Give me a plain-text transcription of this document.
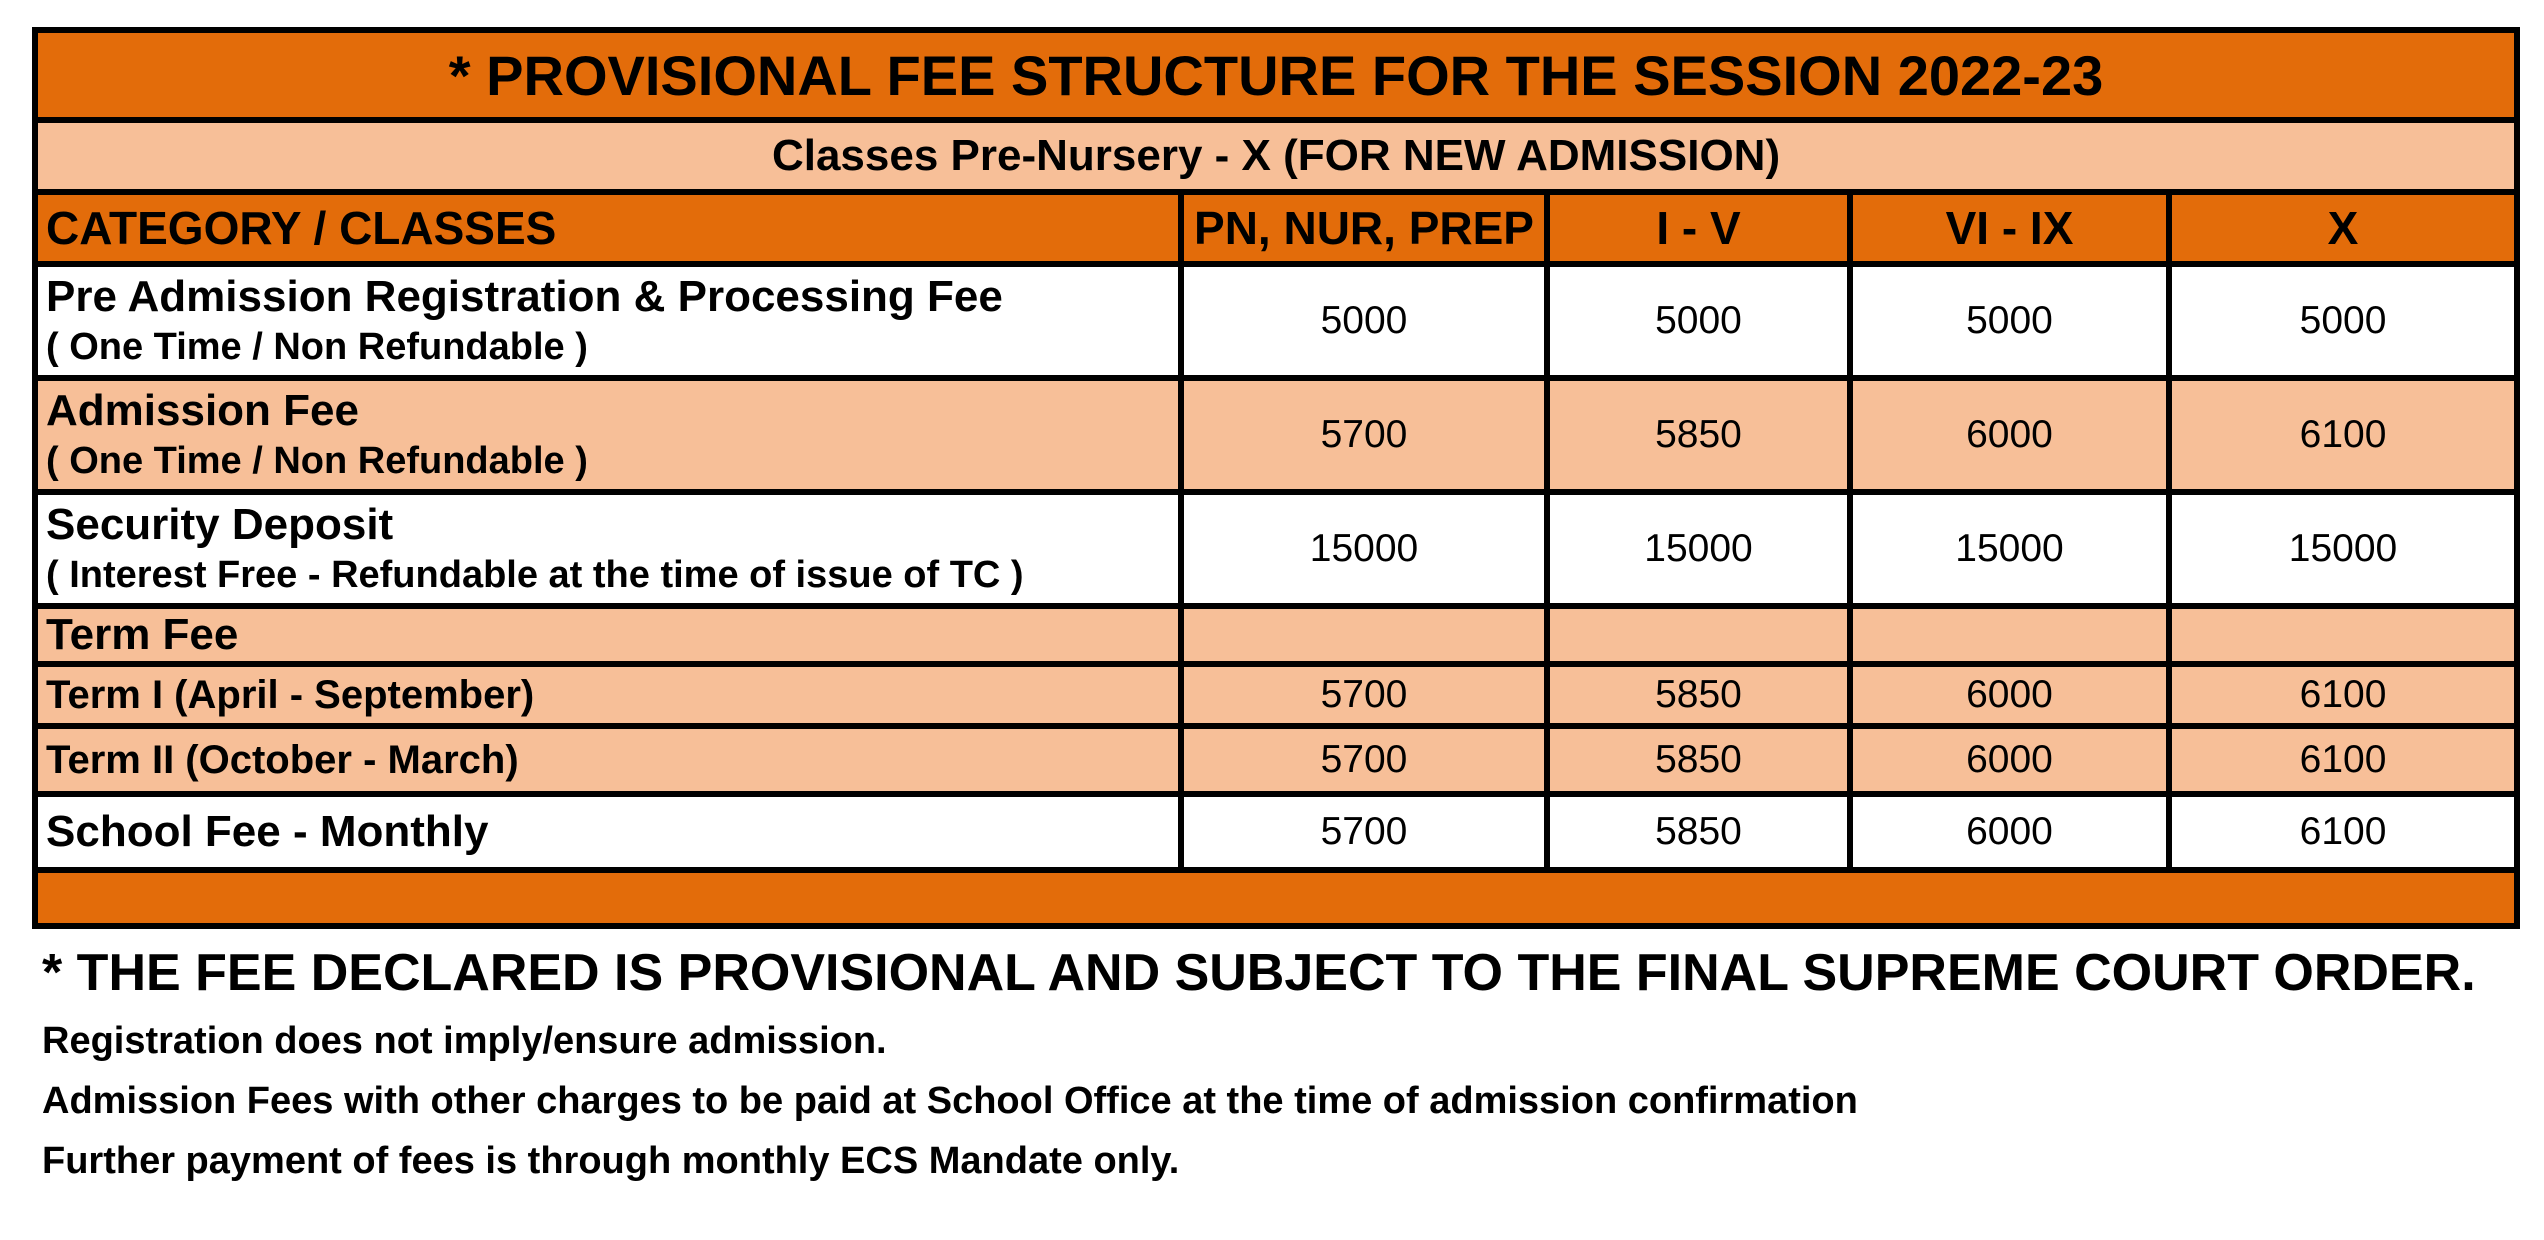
* PROVISIONAL FEE STRUCTURE FOR THE SESSION 2022-23				
Classes Pre-Nursery - X (FOR NEW ADMISSION)				
CATEGORY / CLASSES	PN, NUR, PREP	I - V	VI - IX	X

Pre Admission Registration & Processing Fee
( One Time / Non Refundable )	5000	5000	5000	5000

Admission Fee
( One Time / Non Refundable )	5700	5850	6000	6100

Security Deposit
( Interest Free - Refundable at the time of issue of TC )	15000	15000	15000	15000

Term Fee				

Term I (April - September)	5700	5850	6000	6100

Term II (October - March)	5700	5850	6000	6100

School Fee - Monthly	5700	5850	6000	6100

* THE FEE DECLARED IS PROVISIONAL AND SUBJECT TO THE FINAL SUPREME COURT ORDER.
Registration does not imply/ensure admission.
Admission Fees with other charges to be paid at School Office at the time of admission confirmation
Further payment of fees is through monthly ECS Mandate only.
